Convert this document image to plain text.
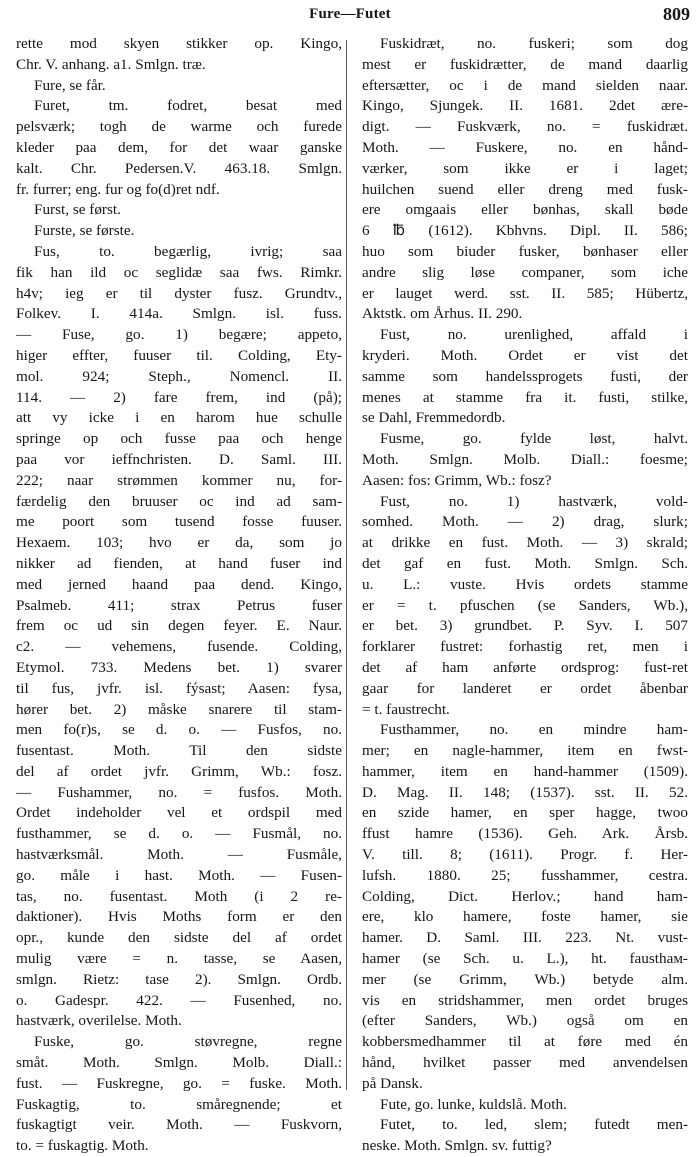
Fure—Futet	809
rette mod skyen stikker op. Kingo,
Chr. V. anhang. a1. Smlgn. træ.
Fure, se får.
Furet, tm. fodret, besat med
pelsværk; togh de warme och furede
kleder paa dem, for det waar ganske
kalt. Chr. Pedersen.V. 463.18. Smlgn.
fr. furrer; eng. fur og fo(d)ret ndf.
Furst, se først.
Furste, se første.
Fus, to. begærlig, ivrig; saa
fik han ild oc seglidæ saa fws. Rimkr.
h4v; ieg er til dyster fusz. Grundtv.,
Folkev. I. 414a. Smlgn. isl. fuss.
— Fuse, go. 1) begære; appeto,
higer effter, fuuser til. Colding, Ety-
mol. 924; Steph., Nomencl. II.
114. — 2) fare frem, ind (på);
att vy icke i en harom hue schulle
springe op och fusse paa och henge
paa vor ieffnchristen. D. Saml. III.
222; naar strømmen kommer nu, for-
færdelig den bruuser oc ind ad sam-
me poort som tusend fosse fuuser.
Hexaem. 103; hvo er da, som jo
nikker ad fienden, at hand fuser ind
med jerned haand paa dend. Kingo,
Psalmeb. 411; strax Petrus fuser
frem oc ud sin degen feyer. E. Naur.
c2. — vehemens, fusende. Colding,
Etymol. 733. Medens bet. 1) svarer
til fus, jvfr. isl. fýsast; Aasen: fysa,
hører bet. 2) måske snarere til stam-
men fo(r)s, se d. o. — Fusfos, no.
fusentast. Moth. Til den sidste
del af ordet jvfr. Grimm, Wb.: fosz.
— Fushammer, no. = fusfos. Moth.
Ordet indeholder vel et ordspil med
fusthammer, se d. o. — Fusmål, no.
hastværksmål. Moth. — Fusmåle,
go. måle i hast. Moth. — Fusen-
tas, no. fusentast. Moth (i 2 re-
daktioner). Hvis Moths form er den
opr., kunde den sidste del af ordet
mulig være = n. tasse, se Aasen,
smlgn. Rietz: tase 2). Smlgn. Ordb.
o. Gadespr. 422. — Fusenhed, no.
hastværk, overilelse. Moth.
Fuske, go. støvregne, regne
småt. Moth. Smlgn. Molb. Diall.:
fust. — Fuskregne, go. = fuske. Moth.
Fuskagtig, to. småregnende; et
fuskagtigt veir. Moth. — Fuskvorn,
to. = fuskagtig. Moth.
Fuskidræt, no. fuskeri; som dog
mest er fuskidrætter, de mand daarlig
eftersætter, oc i de mand sielden naar.
Kingo, Sjungek. II. 1681. 2det ære-
digt. — Fuskværk, no. = fuskidræt.
Moth. — Fuskere, no. en hånd-
værker, som ikke er i laget;
huilchen suend eller dreng med fusk-
ere omgaais eller bønhas, skall bøde
6 ℔ (1612). Kbhvns. Dipl. II. 586;
huo som biuder fusker, bønhaser eller
andre slig løse companer, som iche
er lauget werd. sst. II. 585; Hübertz,
Aktstk. om Århus. II. 290.
Fust, no. urenlighed, affald i
kryderi. Moth. Ordet er vist det
samme som handelssprogets fusti, der
menes at stamme fra it. fusti, stilke,
se Dahl, Fremmedordb.
Fusme, go. fylde løst, halvt.
Moth. Smlgn. Molb. Diall.: foesme;
Aasen: fos: Grimm, Wb.: fosz?
Fust, no. 1) hastværk, vold-
somhed. Moth. — 2) drag, slurk;
at drikke en fust. Moth. — 3) skrald;
det gaf en fust. Moth. Smlgn. Sch.
u. L.: vuste. Hvis ordets stamme
er = t. pfuschen (se Sanders, Wb.),
er bet. 3) grundbet. P. Syv. I. 507
forklarer fustret: forhastig ret, men i
det af ham anførte ordsprog: fust-ret
gaar for landeret er ordet åbenbar
= t. faustrecht.
Fusthammer, no. en mindre ham-
mer; en nagle-hammer, item en fwst-
hammer, item en hand-hammer (1509).
D. Mag. II. 148; (1537). sst. II. 52.
en szide hamer, en sper hagge, twoo
ffust hamre (1536). Geh. Ark. Årsb.
V. till. 8; (1611). Progr. f. Her-
lufsh. 1880. 25; fusshammer, cestra.
Colding, Dict. Herlov.; hand ham-
ere, klo hamere, foste hamer, sie
hamer. D. Saml. III. 223. Nt. vust-
hamer (se Sch. u. L.), ht. fausthам-
mer (se Grimm, Wb.) betyde alm.
vis en stridshammer, men ordet bruges
(efter Sanders, Wb.) også om en
kobbersmedhammer til at føre med én
hånd, hvilket passer med anvendelsen
på Dansk.
Fute, go. lunke, kuldslå. Moth.
Futet, to. led, slem; futedt men-
neske. Moth. Smlgn. sv. futtig?
